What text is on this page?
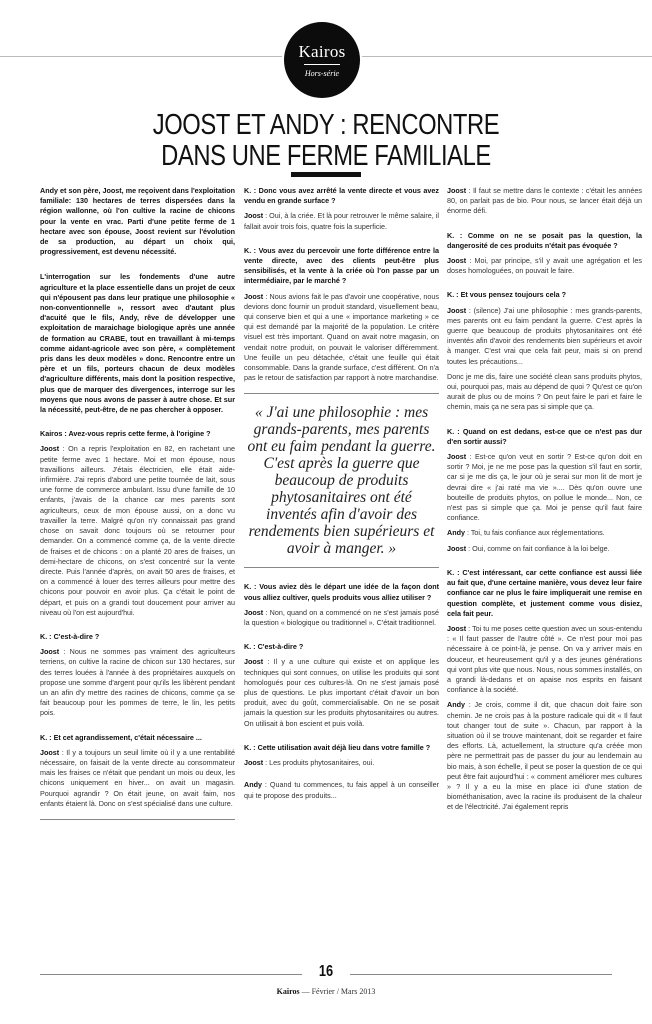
Kairos
Hors-série
JOOST ET ANDY : RENCONTRE
DANS UNE FERME FAMILIALE

Andy et son père, Joost, me reçoivent dans l'exploitation familiale: 130 hectares de terres dispersées dans la région wallonne, où l'on cultive la racine de chicons pour la vente en vrac. Parti d'une petite ferme de 1 hectare avec son épouse, Joost revient sur l'évolution de sa production, au départ un choix qui, progressivement, est devenu nécessité.

L'interrogation sur les fondements d'une autre agriculture et la place essentielle dans un projet de ceux qui n'épousent pas dans leur pratique une philosophie « non-conventionnelle », ressort avec d'autant plus d'acuité que le fils, Andy, rêve de développer une exploitation de maraichage biologique après une année de formation au CRABE, tout en travaillant à mi-temps comme aidant-agricole avec son père, « complètement pris dans les deux modèles » donc. Rencontre entre un père et un fils, porteurs chacun de deux modèles d'agriculture différents, mais dont la position respective, plus que de marquer des divergences, interroge sur les moyens que nous avons de passer à autre chose. Et sur la nécessité, peut-être, de ne pas chercher à opposer.

Kairos : Avez-vous repris cette ferme, à l'origine ?

Joost : On a repris l'exploitation en 82, en rachetant une petite ferme avec 1 hectare. Moi et mon épouse, nous travaillions ailleurs. J'étais électricien, elle était aide-infirmière. J'ai repris d'abord une petite tournée de lait, sous une forme de commerce ambulant. Issu d'une famille de 10 enfants, j'avais de la chance car mes parents sont agriculteurs, ceux de mon épouse aussi, on a donc vu travailler la terre. Malgré qu'on n'y connaissait pas grand chose on savait donc toujours où se retourner pour demander. On a commencé comme ça, de la vente directe de fraises et de chicons : on a planté 20 ares de fraises, un demi-hectare de chicons, on s'est concentré sur la vente directe. Puis l'année d'après, on avait 50 ares de fraises, et on a commencé à louer des terres ailleurs pour mettre des chicons pour pouvoir en avoir plus. Ça c'était le point de départ, et puis on a grandi tout doucement pour arriver au niveau où l'on est aujourd'hui.

K. : C'est-à-dire ?

Joost : Nous ne sommes pas vraiment des agriculteurs terriens, on cultive la racine de chicon sur 130 hectares, sur des terres louées à l'année à des propriétaires auxquels on propose une somme d'argent pour qu'ils les libèrent pendant un an afin d'y mettre des racines de chicons, comme ça se fait beaucoup pour les pommes de terre, le lin, les petits pois.

K. : Et cet agrandissement, c'était nécessaire ...

Joost : Il y a toujours un seuil limite où il y a une rentabilité nécessaire, on faisait de la vente directe au consommateur mais les fraises ce n'était que pendant un mois ou deux, les chicons uniquement en hiver... on avait un magasin. Pourquoi agrandir ? On était jeune, on avait faim, nos enfants étaient là. Donc on s'est spécialisé dans une culture.

K. : Donc vous avez arrêté la vente directe et vous avez vendu en grande surface ?

Joost : Oui, à la criée. Et là pour retrouver le même salaire, il fallait avoir trois fois, quatre fois la superficie.

K. : Vous avez du percevoir une forte différence entre la vente directe, avec des clients peut-être plus sensibilisés, et la vente à la criée où l'on passe par un intermédiaire, par le marché ?

Joost : Nous avions fait le pas d'avoir une coopérative, nous devions donc fournir un produit standard, visuellement beau, qui conserve bien et qui a une « importance marketing » ce qui est demandé par la majorité de la population. Le critère visuel est très important. Quand on avait notre magasin, on vendait notre produit, on pouvait le valoriser différemment. Une feuille un peu détachée, c'était une feuille qui était consommable. Dans la grande surface, c'est différent. On n'a pas le retour de satisfaction par rapport à notre marchandise.

« J'ai une philosophie : mes grands-parents, mes parents ont eu faim pendant la guerre. C'est après la guerre que beaucoup de produits phytosanitaires ont été inventés afin d'avoir des rendements bien supérieurs et avoir à manger. »

K. : Vous aviez dès le départ une idée de la façon dont vous alliez cultiver, quels produits vous alliez utiliser ?

Joost : Non, quand on a commencé on ne s'est jamais posé la question « biologique ou traditionnel ». C'était traditionnel.

K. : C'est-à-dire ?

Joost : Il y a une culture qui existe et on applique les techniques qui sont connues, on utilise les produits qui sont homologués pour ces cultures-là. On ne s'est jamais posé plus de questions. Le plus important c'était d'avoir un bon produit, avec du goût, commercialisable. On ne se posait jamais la question sur les produits phytosanitaires ou autres. On utilisait à bon escient et puis voilà.

K. : Cette utilisation avait déjà lieu dans votre famille ?

Joost : Les produits phytosanitaires, oui.

Andy : Quand tu commences, tu fais appel à un conseiller qui te propose des produits...

Joost : Il faut se mettre dans le contexte : c'était les années 80, on parlait pas de bio. Pour nous, se lancer était déjà un énorme défi.

K. : Comme on ne se posait pas la question, la dangerosité de ces produits n'était pas évoquée ?

Joost : Moi, par principe, s'il y avait une agrégation et les doses homologuées, on pouvait le faire.

K. : Et vous pensez toujours cela ?

Joost : (silence) J'ai une philosophie : mes grands-parents, mes parents ont eu faim pendant la guerre. C'est après la guerre que beaucoup de produits phytosanitaires ont été inventés afin d'avoir des rendements bien supérieurs et avoir à manger. C'est vrai que cela fait peur, mais si on prend toutes les précautions...

Donc je me dis, faire une société clean sans produits phytos, oui, pourquoi pas, mais au dépend de quoi ? Qu'est ce qu'on aurait de plus ou de moins ? On peut faire le pari et faire le chemin, mais ça ne sera pas si simple que ça.

K. : Quand on est dedans, est-ce que ce n'est pas dur d'en sortir aussi?

Joost : Est-ce qu'on veut en sortir ? Est-ce qu'on doit en sortir ? Moi, je ne me pose pas la question s'il faut en sortir, car si je me dis ça, le jour où je serai sur mon lit de mort je devrai dire « j'ai raté ma vie ».... Dès qu'on ouvre une bouteille de produits phytos, on pollue le monde... Non, ce n'est pas si simple que ça. Moi je pense qu'il faut faire confiance.

Andy : Toi, tu fais confiance aux réglementations.

Joost : Oui, comme on fait confiance à la loi belge.

K. : C'est intéressant, car cette confiance est aussi liée au fait que, d'une certaine manière, vous devez leur faire confiance car ne plus le faire impliquerait une remise en question complète, et justement comme vous disiez, cela fait peur.

Joost : Toi tu me poses cette question avec un sous-entendu : « Il faut passer de l'autre côté ». Ce n'est pour moi pas nécessaire à ce point-là, je pense. On va y arriver mais en douceur, et heureusement qu'il y a des jeunes générations qui vont plus vite que nous. Nous, nous sommes installés, on a grandi là-dedans et on apaise nos esprits en faisant confiance à la société.

Andy : Je crois, comme il dit, que chacun doit faire son chemin. Je ne crois pas à la posture radicale qui dit « Il faut tout changer tout de suite ». Chacun, par rapport à la situation où il se trouve maintenant, doit se regarder et faire des efforts. Là, actuellement, la structure qu'a créée mon père ne permettrait pas de passer du jour au lendemain au bio mais, à son échelle, il peut se poser la question de ce qui peut être fait aujourd'hui : « comment améliorer mes cultures » ? Il y a eu la mise en place ici d'une station de biométhanisation, avec la racine ils produisent de la chaleur et de l'électricité. J'ai également repris

16
Kairos — Février / Mars 2013
